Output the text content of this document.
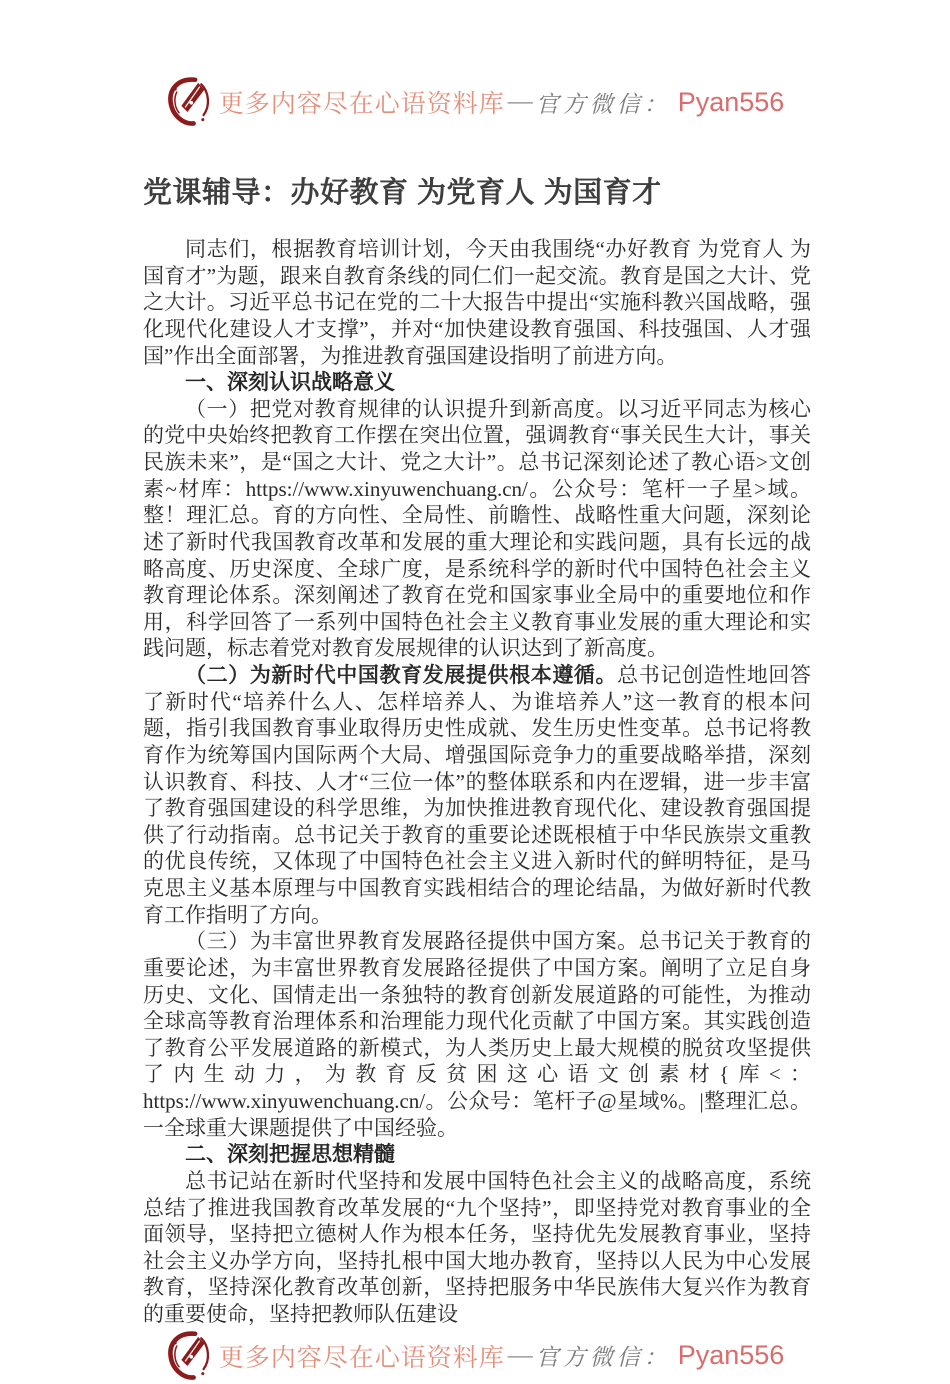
更多内容尽在心语资料库 — 官方微信： Pyan556
党课辅导：办好教育 为党育人 为国育才

同志们，根据教育培训计划，今天由我围绕“办好教育 为党育人 为国育才”为题，跟来自教育条线的同仁们一起交流。教育是国之大计、党之大计。习近平总书记在党的二十大报告中提出“实施科教兴国战略，强化现代化建设人才支撑”，并对“加快建设教育强国、科技强国、人才强国”作出全面部署，为推进教育强国建设指明了前进方向。

一、深刻认识战略意义

（一）把党对教育规律的认识提升到新高度。以习近平同志为核心的党中央始终把教育工作摆在突出位置，强调教育“事关民生大计，事关民族未来”，是“国之大计、党之大计”。总书记深刻论述了教心语>文创素~材库：https://www.xinyuwenchuang.cn/。公众号：笔杆一子星>域。整！理汇总。育的方向性、全局性、前瞻性、战略性重大问题，深刻论述了新时代我国教育改革和发展的重大理论和实践问题，具有长远的战略高度、历史深度、全球广度，是系统科学的新时代中国特色社会主义教育理论体系。深刻阐述了教育在党和国家事业全局中的重要地位和作用，科学回答了一系列中国特色社会主义教育事业发展的重大理论和实践问题，标志着党对教育发展规律的认识达到了新高度。

（二）为新时代中国教育发展提供根本遵循。总书记创造性地回答了新时代“培养什么人、怎样培养人、为谁培养人”这一教育的根本问题，指引我国教育事业取得历史性成就、发生历史性变革。总书记将教育作为统筹国内国际两个大局、增强国际竞争力的重要战略举措，深刻认识教育、科技、人才“三位一体”的整体联系和内在逻辑，进一步丰富了教育强国建设的科学思维，为加快推进教育现代化、建设教育强国提供了行动指南。总书记关于教育的重要论述既根植于中华民族崇文重教的优良传统，又体现了中国特色社会主义进入新时代的鲜明特征，是马克思主义基本原理与中国教育实践相结合的理论结晶，为做好新时代教育工作指明了方向。

（三）为丰富世界教育发展路径提供中国方案。总书记关于教育的重要论述，为丰富世界教育发展路径提供了中国方案。阐明了立足自身历史、文化、国情走出一条独特的教育创新发展道路的可能性，为推动全球高等教育治理体系和治理能力现代化贡献了中国方案。其实践创造了教育公平发展道路的新模式，为人类历史上最大规模的脱贫攻坚提供了内生动力，为教育反贫困这心语文创素材{库<：https://www.xinyuwenchuang.cn/。公众号：笔杆子@星域%。|整理汇总。一全球重大课题提供了中国经验。

二、深刻把握思想精髓

总书记站在新时代坚持和发展中国特色社会主义的战略高度，系统总结了推进我国教育改革发展的“九个坚持”，即坚持党对教育事业的全面领导，坚持把立德树人作为根本任务，坚持优先发展教育事业，坚持社会主义办学方向，坚持扎根中国大地办教育，坚持以人民为中心发展教育，坚持深化教育改革创新，坚持把服务中华民族伟大复兴作为教育的重要使命，坚持把教师队伍建设

更多内容尽在心语资料库 — 官方微信： Pyan556
